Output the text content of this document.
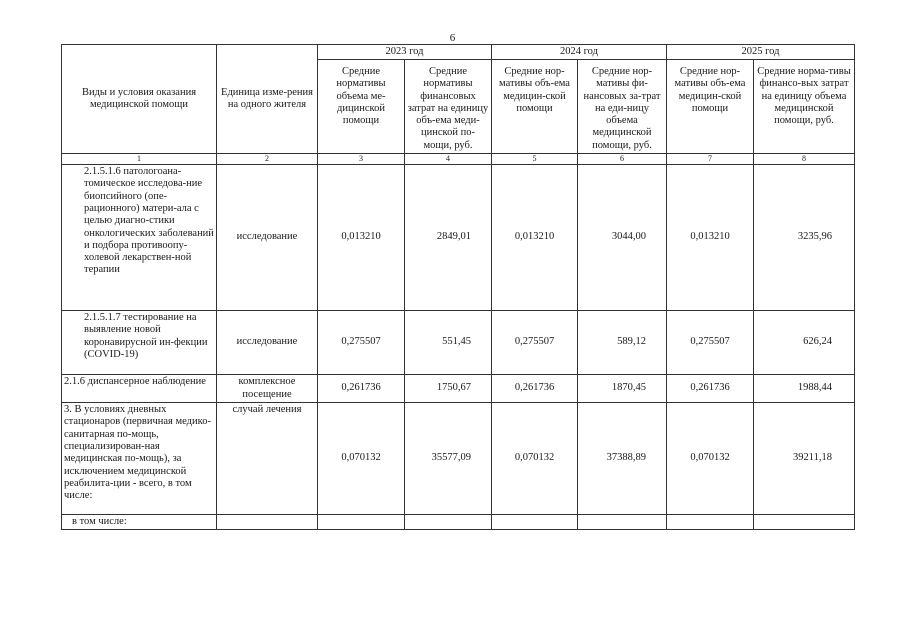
6
Виды и условия оказания медицинской помощи	Единица изме-рения на одного жителя	2023 год		2024 год		2025 год	

		Средние нормативы объема ме-дицинской помощи	Средние нормативы финансовых затрат на единицу объ-ема меди-цинской по-мощи, руб.	Средние нор-мативы объ-ема медицин-ской помощи	Средние нор-мативы фи-нансовых за-трат на еди-ницу объема медицинской помощи, руб.	Средние нор-мативы объ-ема медицин-ской помощи	Средние норма-тивы финансо-вых затрат на единицу объема медицинской помощи, руб.

1	2	3	4	5	6	7	8
2.1.5.1.6 патологоана-томическое исследова-ние биопсийного (опе-рационного) матери-ала с целью диагно-стики онкологических заболеваний и подбора противоопу-холевой лекарствен-ной терапии	исследование	0,013210	2849,01	0,013210	3044,00	0,013210	3235,96
2.1.5.1.7 тестирование на выявление новой коронавирусной ин-фекции (COVID-19)	исследование	0,275507	551,45	0,275507	589,12	0,275507	626,24
2.1.6 диспансерное наблюдение	комплексное посещение	0,261736	1750,67	0,261736	1870,45	0,261736	1988,44
3. В условиях дневных стационаров (первичная медико-санитарная по-мощь, специализирован-ная медицинская по-мощь), за исключением медицинской реабилита-ции - всего, в том числе:	случай лечения	0,070132	35577,09	0,070132	37388,89	0,070132	39211,18
в том числе:							
